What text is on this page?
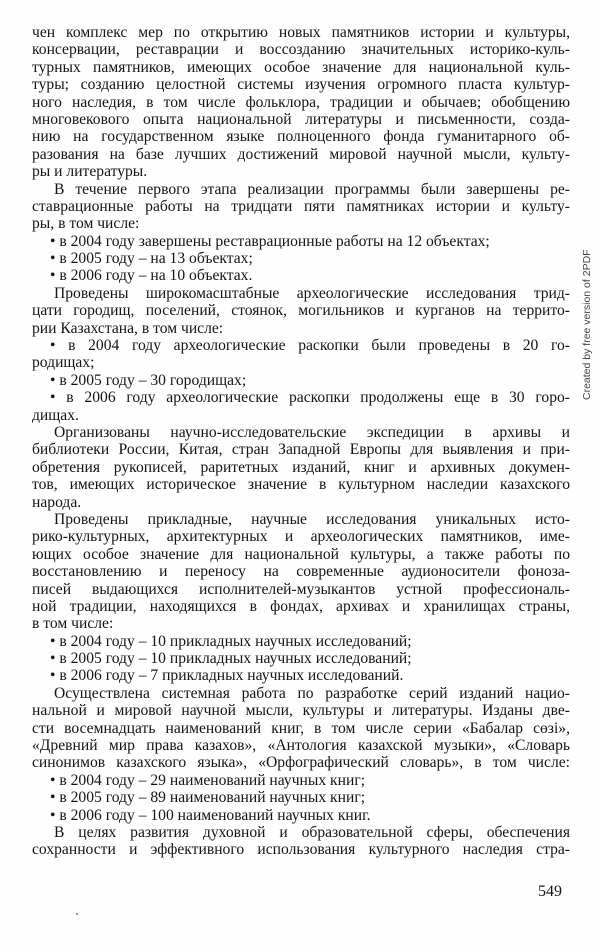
чен комплекс мер по открытию новых памятников истории и культуры,
консервации, реставрации и воссозданию значительных историко-куль-
турных памятников, имеющих особое значение для национальной куль-
туры; созданию целостной системы изучения огромного пласта культур-
ного наследия, в том числе фольклора, традиции и обычаев; обобщению
многовекового опыта национальной литературы и письменности, созда-
нию на государственном языке полноценного фонда гуманитарного об-
разования на базе лучших достижений мировой научной мысли, культу-
ры и литературы.
В течение первого этапа реализации программы были завершены ре-
ставрационные работы на тридцати пяти памятниках истории и культу-
ры, в том числе:
• в 2004 году завершены реставрационные работы на 12 объектах;
• в 2005 году – на 13 объектах;
• в 2006 году – на 10 объектах.
Проведены широкомасштабные археологические исследования трид-
цати городищ, поселений, стоянок, могильников и курганов на террито-
рии Казахстана, в том числе:
• в 2004 году археологические раскопки были проведены в 20 го-
родищах;
• в 2005 году – 30 городищах;
• в 2006 году археологические раскопки продолжены еще в 30 горо-
дищах.
Организованы научно-исследовательские экспедиции в архивы и
библиотеки России, Китая, стран Западной Европы для выявления и при-
обретения рукописей, раритетных изданий, книг и архивных докумен-
тов, имеющих историческое значение в культурном наследии казахского
народа.
Проведены прикладные, научные исследования уникальных исто-
рико-культурных, архитектурных и археологических памятников, име-
ющих особое значение для национальной культуры, а также работы по
восстановлению и переносу на современные аудионосители фоноза-
писей выдающихся исполнителей-музыкантов устной профессиональ-
ной традиции, находящихся в фондах, архивах и хранилищах страны,
в том числе:
• в 2004 году – 10 прикладных научных исследований;
• в 2005 году – 10 прикладных научных исследований;
• в 2006 году – 7 прикладных научных исследований.
Осуществлена системная работа по разработке серий изданий нацио-
нальной и мировой научной мысли, культуры и литературы. Изданы две-
сти восемнадцать наименований книг, в том числе серии «Бабалар сөзі»,
«Древний мир права казахов», «Антология казахской музыки», «Словарь
синонимов казахского языка», «Орфографический словарь», в том числе:
• в 2004 году – 29 наименований научных книг;
• в 2005 году – 89 наименований научных книг;
• в 2006 году – 100 наименований научных книг.
В целях развития духовной и образовательной сферы, обеспечения
сохранности и эффективного использования культурного наследия стра-
Created by free version of 2PDF
549
